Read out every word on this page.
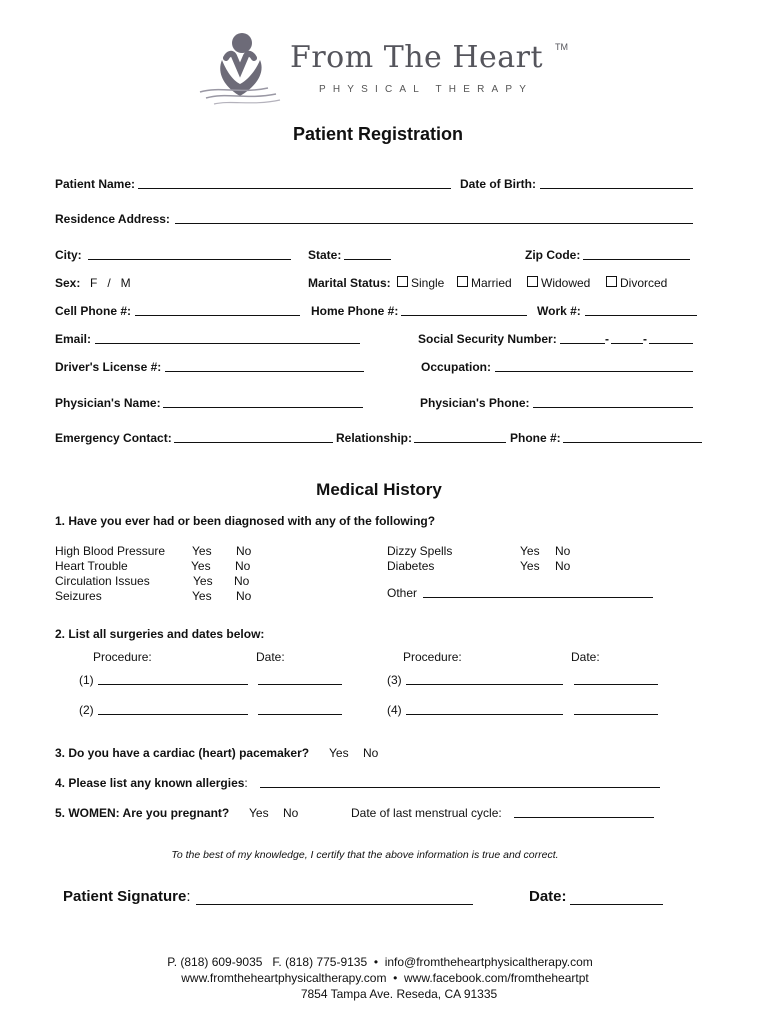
From The Heart TM
PHYSICAL THERAPY
Patient Registration
Patient Name:	Date of Birth:
Residence Address:
City:	State:	Zip Code:
Sex: F   /   M	Marital Status:	Single	Married	Widowed	Divorced
Cell Phone #:	Home Phone #:	Work #:
Email:	Social Security Number:	-	-
Driver's License #:	Occupation:
Physician's Name:	Physician's Phone:
Emergency Contact:	Relationship:	Phone #:
Medical History
1. Have you ever had or been diagnosed with any of the following?
High Blood Pressure Yes No
Heart Trouble	Yes No
Circulation Issues	Yes No
Seizures	Yes No
Dizzy Spells	Yes No
Diabetes	Yes No
Other
2. List all surgeries and dates below:
Procedure:	Date:	Procedure:	Date:
(1)	(3)
(2)	(4)
3. Do you have a cardiac (heart) pacemaker? Yes No
4. Please list any known allergies:
5. WOMEN: Are you pregnant? Yes No	Date of last menstrual cycle:
To the best of my knowledge, I certify that the above information is true and correct.
Patient Signature:	Date:
P. (818) 609-9035   F. (818) 775-9135  •  info@fromtheheartphysicaltherapy.com
www.fromtheheartphysicaltherapy.com  •  www.facebook.com/fromtheheartpt
7854 Tampa Ave. Reseda, CA 91335
